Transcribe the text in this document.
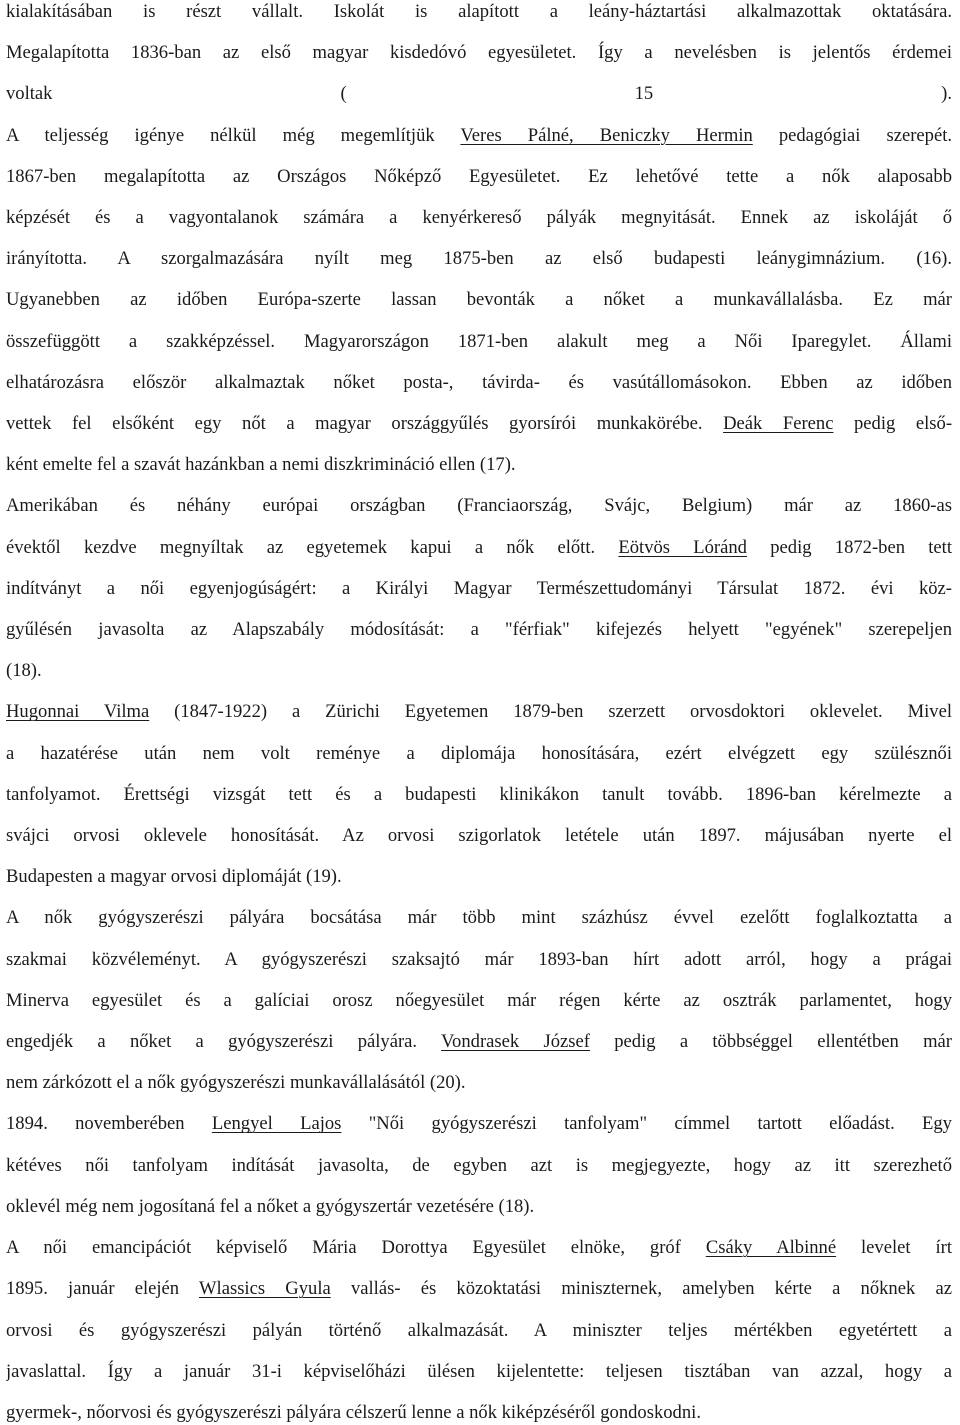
kialakításában is részt vállalt. Iskolát is alapított a leány-háztartási alkalmazottak oktatására.
Megalapította 1836-ban az első magyar kisdedóvó egyesületet. Így a nevelésben is jelentős érdemei
voltak ( 15 ).
A teljesség igénye nélkül még megemlítjük Veres Pálné, Beniczky Hermin pedagógiai szerepét.
1867-ben megalapította az Országos Nőképző Egyesületet. Ez lehetővé tette a nők alaposabb
képzését és a vagyontalanok számára a kenyérkereső pályák megnyitását. Ennek az iskoláját ő
irányította. A szorgalmazására nyílt meg 1875-ben az első budapesti leánygimnázium. (16).
Ugyanebben az időben Európa-szerte lassan bevonták a nőket a munkavállalásba. Ez már
összefüggött a szakképzéssel. Magyarországon 1871-ben alakult meg a Női Iparegylet. Állami
elhatározásra először alkalmaztak nőket posta-, távirda- és vasútállomásokon. Ebben az időben
vettek fel elsőként egy nőt a magyar országgyűlés gyorsírói munkakörébe. Deák Ferenc pedig első-
ként emelte fel a szavát hazánkban a nemi diszkrimináció ellen (17).

Amerikában és néhány európai országban (Franciaország, Svájc, Belgium) már az 1860-as
évektől kezdve megnyíltak az egyetemek kapui a nők előtt. Eötvös Lóránd pedig 1872-ben tett
indítványt a női egyenjogúságért: a Királyi Magyar Természettudományi Társulat 1872. évi köz-
gyűlésén javasolta az Alapszabály módosítását: a "férfiak" kifejezés helyett "egyének" szerepeljen
(18).

Hugonnai Vilma (1847-1922) a Zürichi Egyetemen 1879-ben szerzett orvosdoktori oklevelet. Mivel
a hazatérése után nem volt reménye a diplomája honosítására, ezért elvégzett egy szülésznői
tanfolyamot. Érettségi vizsgát tett és a budapesti klinikákon tanult tovább. 1896-ban kérelmezte a
svájci orvosi oklevele honosítását. Az orvosi szigorlatok letétele után 1897. májusában nyerte el
Budapesten a magyar orvosi diplomáját (19).

A nők gyógyszerészi pályára bocsátása már több mint százhúsz évvel ezelőtt foglalkoztatta a
szakmai közvéleményt. A gyógyszerészi szaksajtó már 1893-ban hírt adott arról, hogy a prágai
Minerva egyesület és a galíciai orosz nőegyesület már régen kérte az osztrák parlamentet, hogy
engedjék a nőket a gyógyszerészi pályára. Vondrasek József pedig a többséggel ellentétben már
nem zárkózott el a nők gyógyszerészi munkavállalásától (20).

1894. novemberében Lengyel Lajos "Női gyógyszerészi tanfolyam" címmel tartott előadást. Egy
kétéves női tanfolyam indítását javasolta, de egyben azt is megjegyezte, hogy az itt szerezhető
oklevél még nem jogosítaná fel a nőket a gyógyszertár vezetésére (18).

A női emancipációt képviselő Mária Dorottya Egyesület elnöke, gróf Csáky Albinné levelet írt
1895. január elején Wlassics Gyula vallás- és közoktatási miniszternek, amelyben kérte a nőknek az
orvosi és gyógyszerészi pályán történő alkalmazását. A miniszter teljes mértékben egyetértett a
javaslattal. Így a január 31-i képviselőházi ülésen kijelentette: teljesen tisztában van azzal, hogy a
gyermek-, nőorvosi és gyógyszerészi pályára célszerű lenne a nők kiképzéséről gondoskodni.
